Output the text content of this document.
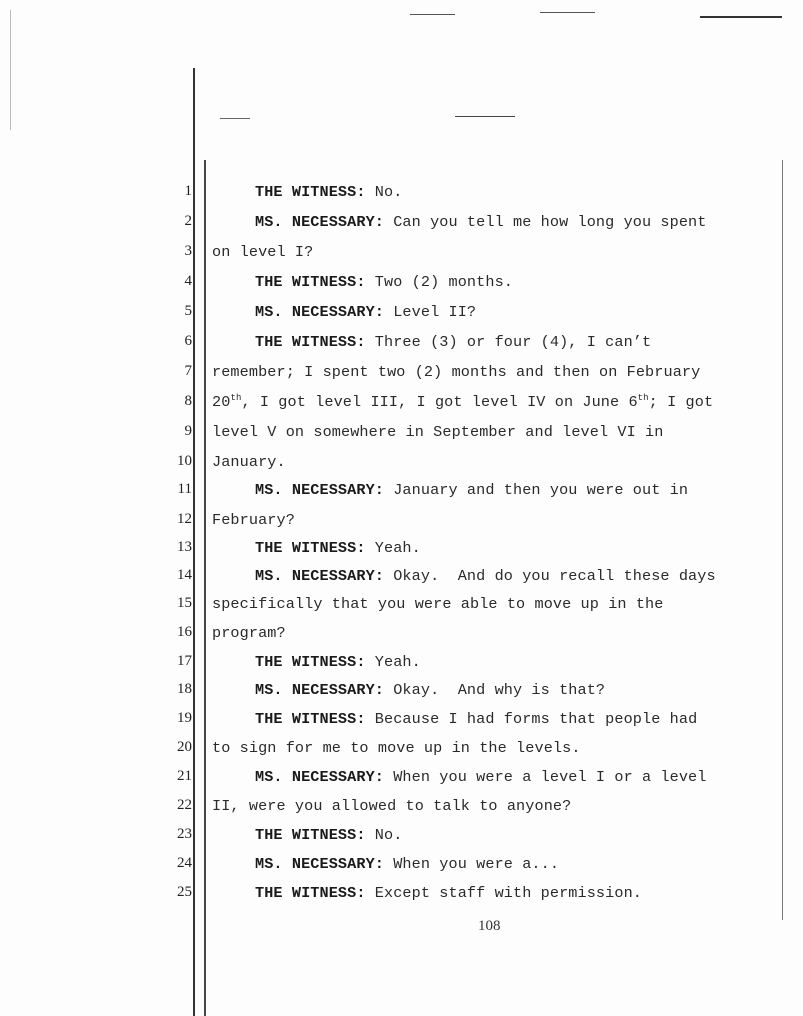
1	THE WITNESS: No.
2	MS. NECESSARY: Can you tell me how long you spent
3 on level I?
4	THE WITNESS: Two (2) months.
5	MS. NECESSARY: Level II?
6	THE WITNESS: Three (3) or four (4), I can’t
7 remember; I spent two (2) months and then on February
8 20th, I got level III, I got level IV on June 6th; I got
9 level V on somewhere in September and level VI in
10 January.
11	MS. NECESSARY: January and then you were out in
12 February?
13	THE WITNESS: Yeah.
14	MS. NECESSARY: Okay.  And do you recall these days
15 specifically that you were able to move up in the
16 program?
17	THE WITNESS: Yeah.
18	MS. NECESSARY: Okay.  And why is that?
19	THE WITNESS: Because I had forms that people had
20 to sign for me to move up in the levels.
21	MS. NECESSARY: When you were a level I or a level
22 II, were you allowed to talk to anyone?
23	THE WITNESS: No.
24	MS. NECESSARY: When you were a...
25	THE WITNESS: Except staff with permission.
108
